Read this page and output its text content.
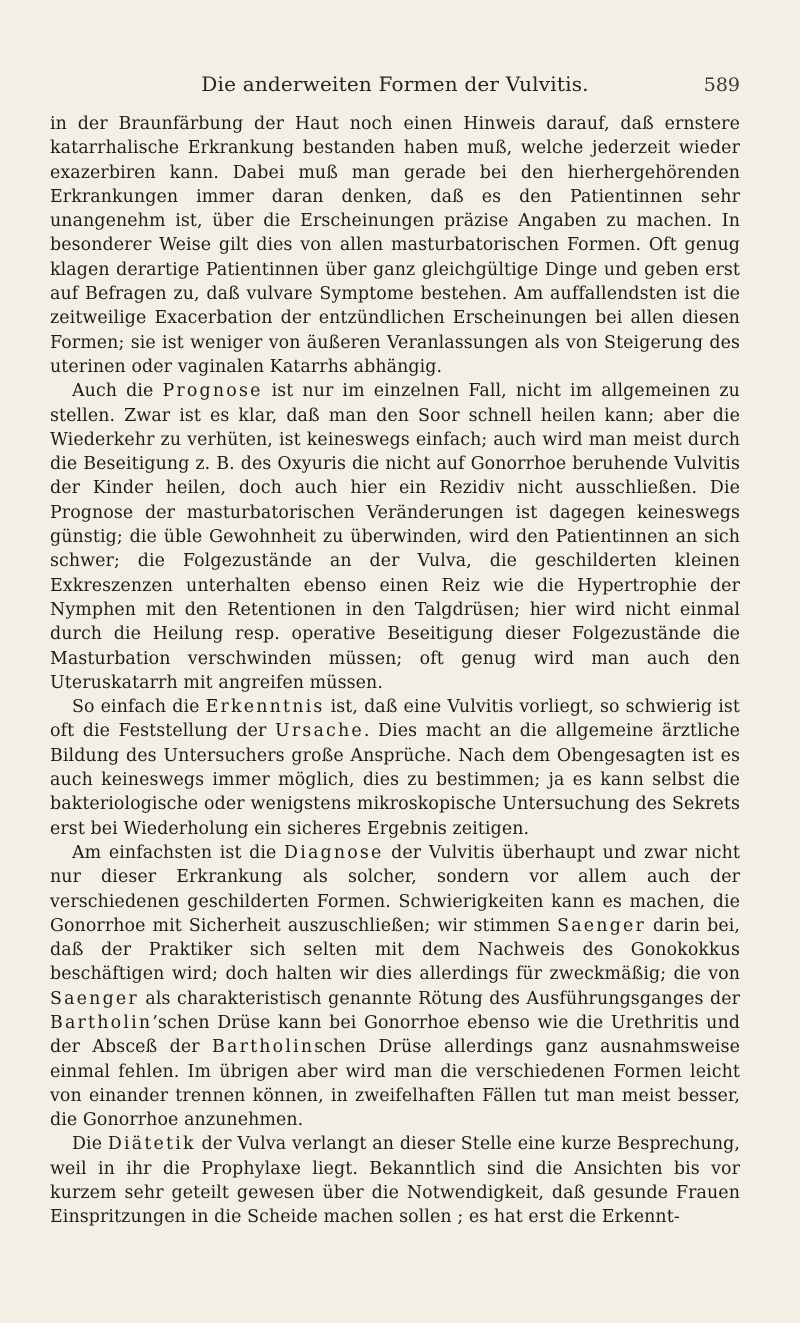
Die anderweiten Formen der Vulvitis.	589

in der Braunfärbung der Haut noch einen Hinweis darauf, daß ernstere katarrhalische Erkrankung bestanden haben muß, welche jederzeit wieder exazerbiren kann. Dabei muß man gerade bei den hierhergehörenden Erkrankungen immer daran denken, daß es den Patientinnen sehr unangenehm ist, über die Erscheinungen präzise Angaben zu machen. In besonderer Weise gilt dies von allen masturbatorischen Formen. Oft genug klagen derartige Patientinnen über ganz gleichgültige Dinge und geben erst auf Befragen zu, daß vulvare Symptome bestehen. Am auffallendsten ist die zeitweilige Exacerbation der entzündlichen Erscheinungen bei allen diesen Formen; sie ist weniger von äußeren Veranlassungen als von Steigerung des uterinen oder vaginalen Katarrhs abhängig.

Auch die Prognose ist nur im einzelnen Fall, nicht im allgemeinen zu stellen. Zwar ist es klar, daß man den Soor schnell heilen kann; aber die Wiederkehr zu verhüten, ist keineswegs einfach; auch wird man meist durch die Beseitigung z. B. des Oxyuris die nicht auf Gonorrhoe beruhende Vulvitis der Kinder heilen, doch auch hier ein Rezidiv nicht ausschließen. Die Prognose der masturbatorischen Veränderungen ist dagegen keineswegs günstig; die üble Gewohnheit zu überwinden, wird den Patientinnen an sich schwer; die Folgezustände an der Vulva, die geschilderten kleinen Exkreszenzen unterhalten ebenso einen Reiz wie die Hypertrophie der Nymphen mit den Retentionen in den Talgdrüsen; hier wird nicht einmal durch die Heilung resp. operative Beseitigung dieser Folgezustände die Masturbation verschwinden müssen; oft genug wird man auch den Uteruskatarrh mit angreifen müssen.

So einfach die Erkenntnis ist, daß eine Vulvitis vorliegt, so schwierig ist oft die Feststellung der Ursache. Dies macht an die allgemeine ärztliche Bildung des Untersuchers große Ansprüche. Nach dem Obengesagten ist es auch keineswegs immer möglich, dies zu bestimmen; ja es kann selbst die bakteriologische oder wenigstens mikroskopische Untersuchung des Sekrets erst bei Wiederholung ein sicheres Ergebnis zeitigen.

Am einfachsten ist die Diagnose der Vulvitis überhaupt und zwar nicht nur dieser Erkrankung als solcher, sondern vor allem auch der verschiedenen geschilderten Formen. Schwierigkeiten kann es machen, die Gonorrhoe mit Sicherheit auszuschließen; wir stimmen Saenger darin bei, daß der Praktiker sich selten mit dem Nachweis des Gonokokkus beschäftigen wird; doch halten wir dies allerdings für zweckmäßig; die von Saenger als charakteristisch genannte Rötung des Ausführungsganges der Bartholin’schen Drüse kann bei Gonorrhoe ebenso wie die Urethritis und der Absceß der Bartholinschen Drüse allerdings ganz ausnahmsweise einmal fehlen. Im übrigen aber wird man die verschiedenen Formen leicht von einander trennen können, in zweifelhaften Fällen tut man meist besser, die Gonorrhoe anzunehmen.

Die Diätetik der Vulva verlangt an dieser Stelle eine kurze Besprechung, weil in ihr die Prophylaxe liegt. Bekanntlich sind die Ansichten bis vor kurzem sehr geteilt gewesen über die Notwendigkeit, daß gesunde Frauen Einspritzungen in die Scheide machen sollen ; es hat erst die Erkennt-
